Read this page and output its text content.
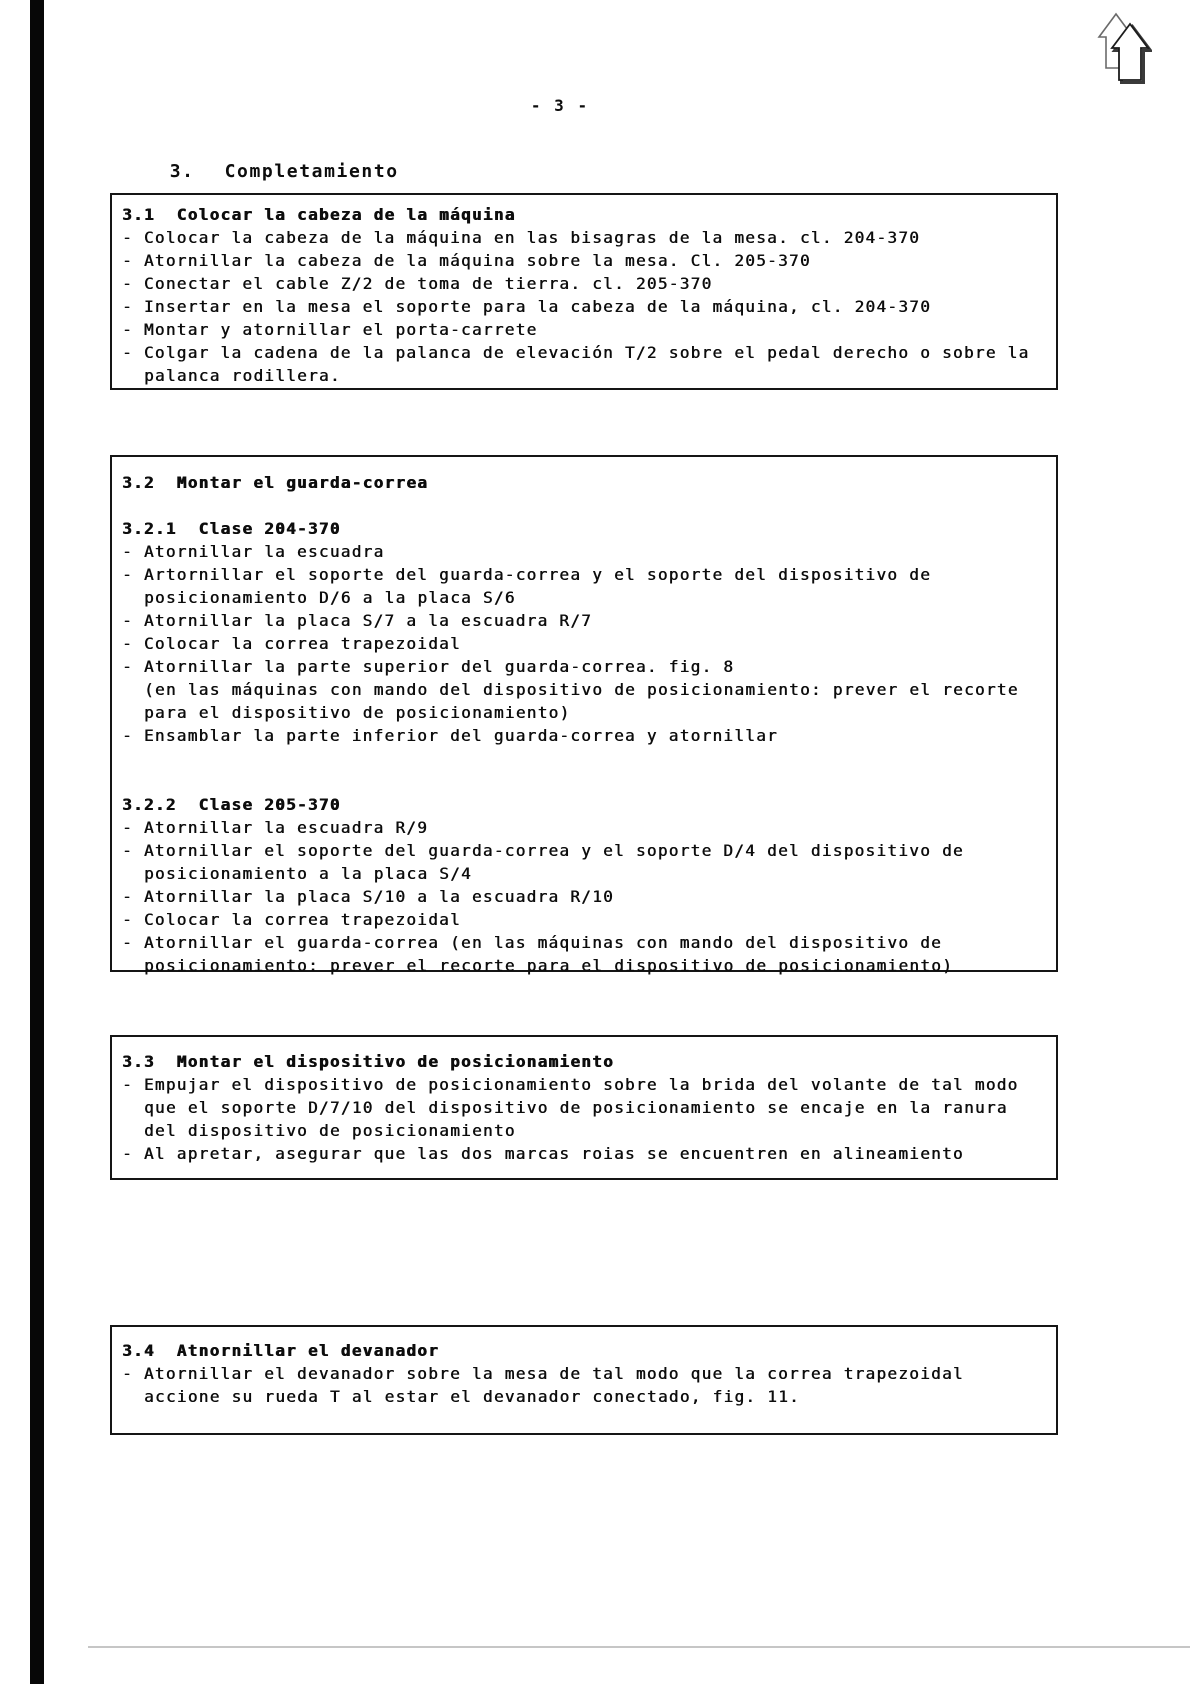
- 3 -

3. Completamiento

3.1  Colocar la cabeza de la máquina
- Colocar la cabeza de la máquina en las bisagras de la mesa. cl. 204-370
- Atornillar la cabeza de la máquina sobre la mesa. Cl. 205-370
- Conectar el cable Z/2 de toma de tierra. cl. 205-370
- Insertar en la mesa el soporte para la cabeza de la máquina, cl. 204-370
- Montar y atornillar el porta-carrete
- Colgar la cadena de la palanca de elevación T/2 sobre el pedal derecho o sobre la
palanca rodillera.
3.2  Montar el guarda-correa

3.2.1  Clase 204-370
- Atornillar la escuadra
- Artornillar el soporte del guarda-correa y el soporte del dispositivo de
posicionamiento D/6 a la placa S/6
- Atornillar la placa S/7 a la escuadra R/7
- Colocar la correa trapezoidal
- Atornillar la parte superior del guarda-correa. fig. 8
(en las máquinas con mando del dispositivo de posicionamiento: prever el recorte
para el dispositivo de posicionamiento)
- Ensamblar la parte inferior del guarda-correa y atornillar

3.2.2  Clase 205-370
- Atornillar la escuadra R/9
- Atornillar el soporte del guarda-correa y el soporte D/4 del dispositivo de
posicionamiento a la placa S/4
- Atornillar la placa S/10 a la escuadra R/10
- Colocar la correa trapezoidal
- Atornillar el guarda-correa (en las máquinas con mando del dispositivo de
posicionamiento: prever el recorte para el dispositivo de posicionamiento)
3.3  Montar el dispositivo de posicionamiento
- Empujar el dispositivo de posicionamiento sobre la brida del volante de tal modo
que el soporte D/7/10 del dispositivo de posicionamiento se encaje en la ranura
del dispositivo de posicionamiento
- Al apretar, asegurar que las dos marcas roias se encuentren en alineamiento
3.4  Atnornillar el devanador
- Atornillar el devanador sobre la mesa de tal modo que la correa trapezoidal
accione su rueda T al estar el devanador conectado, fig. 11.
